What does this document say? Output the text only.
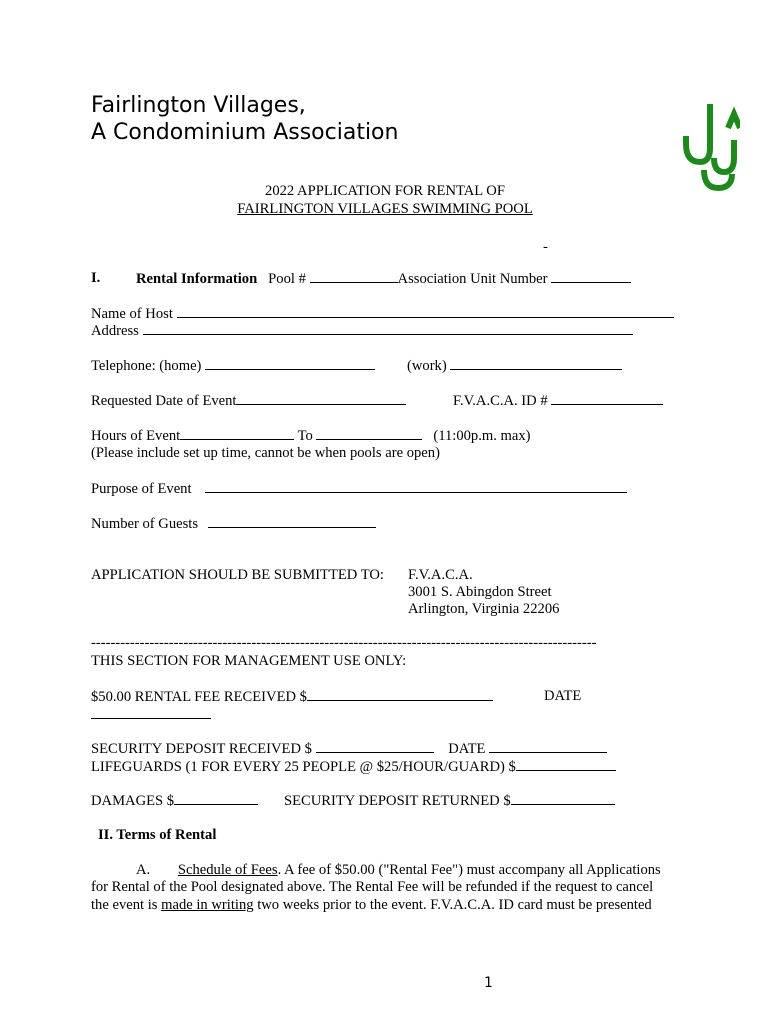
Fairlington Villages,
A Condominium Association
2022 APPLICATION FOR RENTAL OF
FAIRLINGTON VILLAGES SWIMMING POOL
-
I. Rental Information Pool #	Association Unit Number
Name of Host
Address
Telephone: (home)	(work)
Requested Date of Event	F.V.A.C.A. ID #
Hours of Event	To	(11:00p.m. max)
(Please include set up time, cannot be when pools are open)
Purpose of Event
Number of Guests
APPLICATION SHOULD BE SUBMITTED TO: F.V.A.C.A.
3001 S. Abingdon Street
Arlington, Virginia 22206
--------------------------------------------------------------------------------------------------------
THIS SECTION FOR MANAGEMENT USE ONLY:
$50.00 RENTAL FEE RECEIVED $	DATE
SECURITY DEPOSIT RECEIVED $	DATE
LIFEGUARDS (1 FOR EVERY 25 PEOPLE @ $25/HOUR/GUARD) $
DAMAGES $	SECURITY DEPOSIT RETURNED $
II. Terms of Rental
A. Schedule of Fees. A fee of $50.00 ("Rental Fee") must accompany all Applications
for Rental of the Pool designated above. The Rental Fee will be refunded if the request to cancel
the event is made in writing two weeks prior to the event. F.V.A.C.A. ID card must be presented
1
